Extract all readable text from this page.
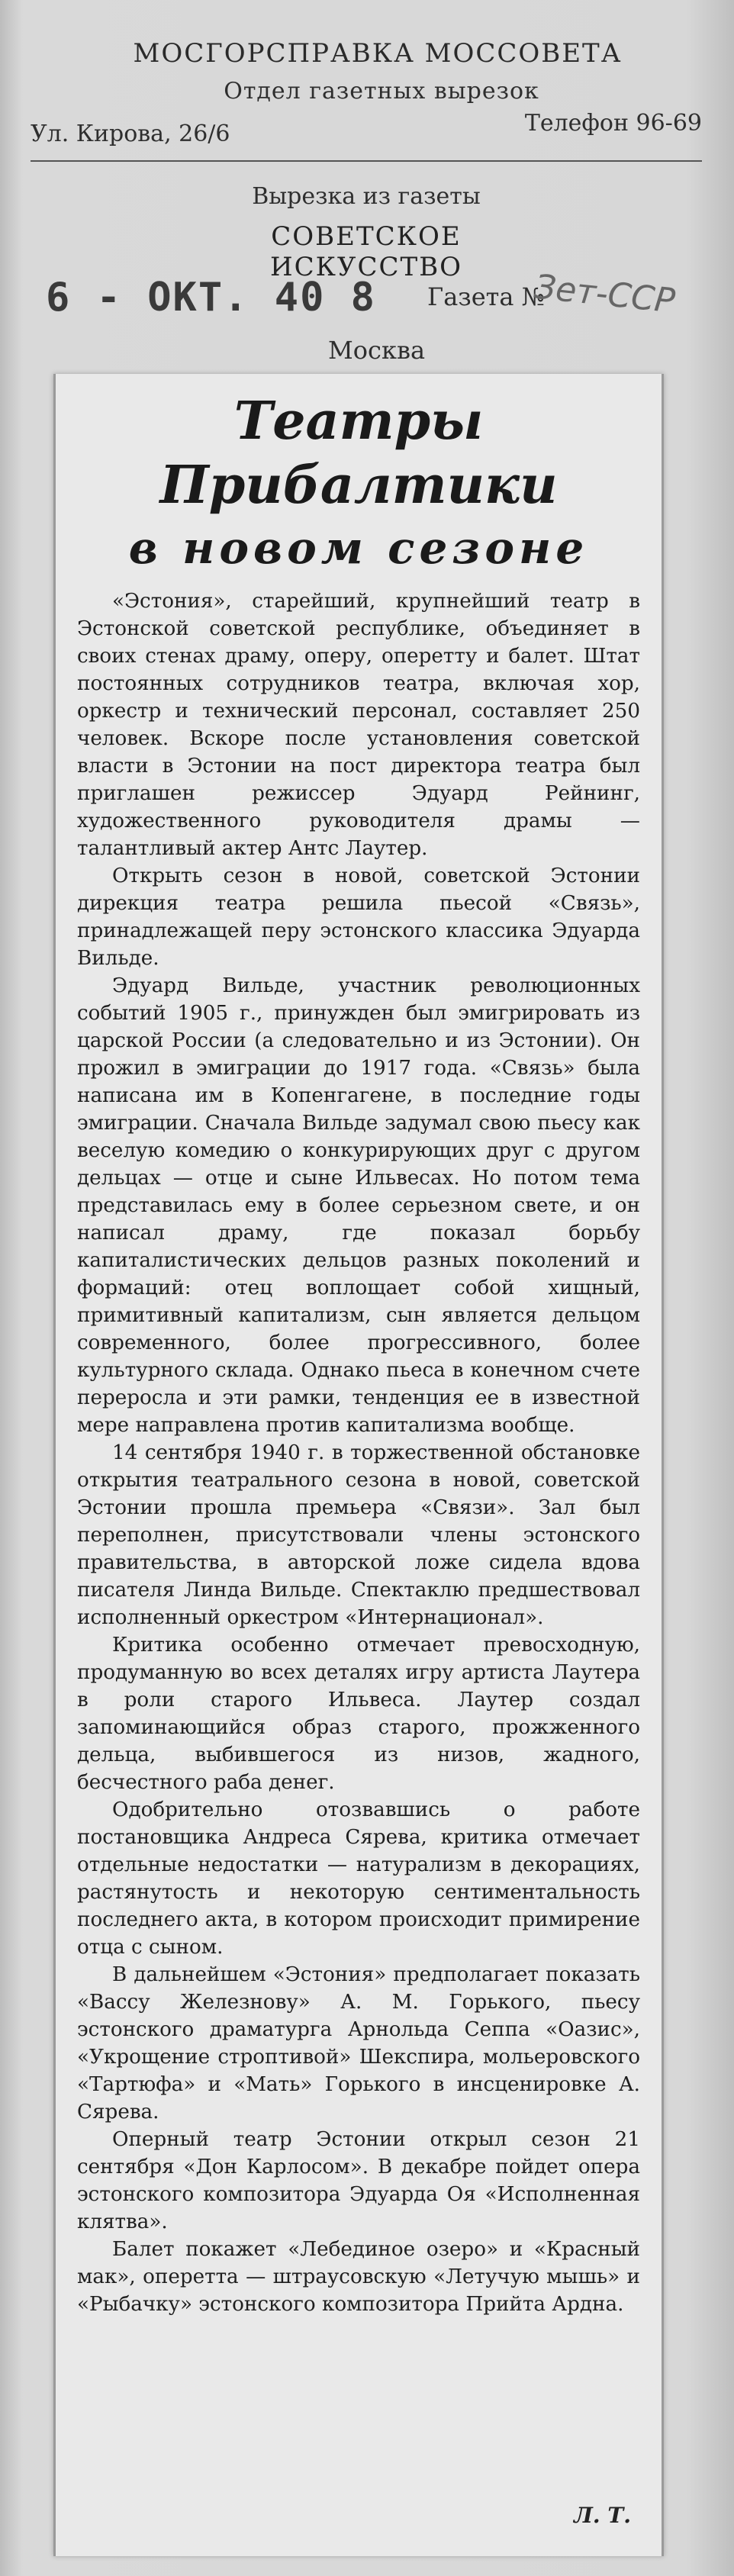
МОСГОРСПРАВКА МОССОВЕТА
Отдел газетных вырезок
Ул. Кирова, 26/6	Телефон 96-69
Вырезка из газеты
СОВЕТСКОЕ ИСКУССТВО
6 - ОКТ. 40 8 Газета №
Зет-ССР
Москва
Театры
Прибалтики
в новом сезоне

«Эстония», старейший, крупнейший театр в Эстонской советской республике, объединяет в своих стенах драму, оперу, оперетту и балет. Штат постоянных сотрудников театра, включая хор, оркестр и технический персонал, составляет 250 человек. Вскоре после установления советской власти в Эстонии на пост директора театра был приглашен режиссер Эдуард Рейнинг, художественного руководителя драмы — талантливый актер Антс Лаутер.

Открыть сезон в новой, советской Эстонии дирекция театра решила пьесой «Связь», принадлежащей перу эстонского классика Эдуарда Вильде.

Эдуард Вильде, участник революционных событий 1905 г., принужден был эмигрировать из царской России (а следовательно и из Эстонии). Он прожил в эмиграции до 1917 года. «Связь» была написана им в Копенгагене, в последние годы эмиграции. Сначала Вильде задумал свою пьесу как веселую комедию о конкурирующих друг с другом дельцах — отце и сыне Ильвесах. Но потом тема представилась ему в более серьезном свете, и он написал драму, где показал борьбу капиталистических дельцов разных поколений и формаций: отец воплощает собой хищный, примитивный капитализм, сын является дельцом современного, более прогрессивного, более культурного склада. Однако пьеса в конечном счете переросла и эти рамки, тенденция ее в известной мере направлена против капитализма вообще.

14 сентября 1940 г. в торжественной обстановке открытия театрального сезона в новой, советской Эстонии прошла премьера «Связи». Зал был переполнен, присутствовали члены эстонского правительства, в авторской ложе сидела вдова писателя Линда Вильде. Спектаклю предшествовал исполненный оркестром «Интернационал».

Критика особенно отмечает превосходную, продуманную во всех деталях игру артиста Лаутера в роли старого Ильвеса. Лаутер создал запоминающийся образ старого, прожженного дельца, выбившегося из низов, жадного, бесчестного раба денег.

Одобрительно отозвавшись о работе постановщика Андреса Сярева, критика отмечает отдельные недостатки — натурализм в декорациях, растянутость и некоторую сентиментальность последнего акта, в котором происходит примирение отца с сыном.

В дальнейшем «Эстония» предполагает показать «Вассу Железнову» А. М. Горького, пьесу эстонского драматурга Арнольда Сеппа «Оазис», «Укрощение строптивой» Шекспира, мольеровского «Тартюфа» и «Мать» Горького в инсценировке А. Сярева.

Оперный театр Эстонии открыл сезон 21 сентября «Дон Карлосом». В декабре пойдет опера эстонского композитора Эдуарда Оя «Исполненная клятва».

Балет покажет «Лебединое озеро» и «Красный мак», оперетта — штраусовскую «Летучую мышь» и «Рыбачку» эстонского композитора Прийта Ардна.

Л. Т.
